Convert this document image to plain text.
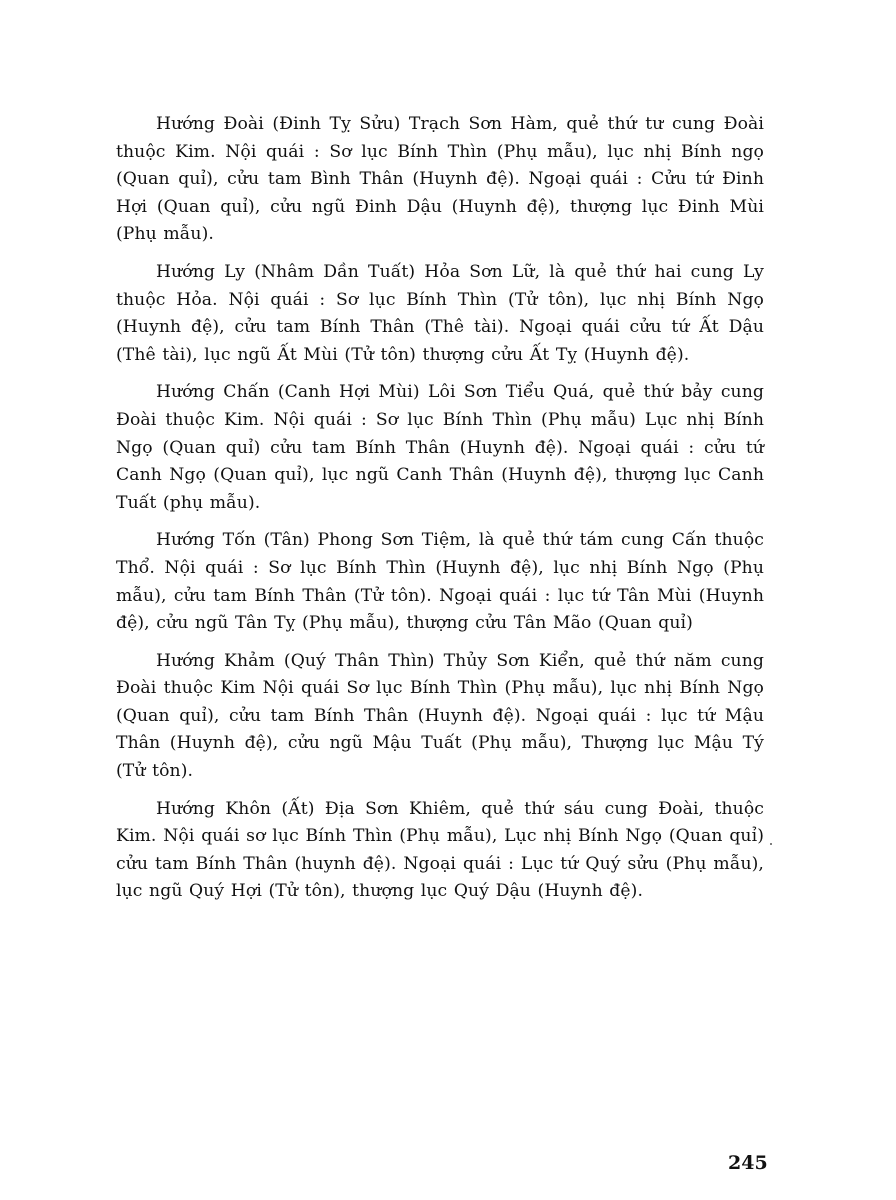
Hướng Đoài (Đinh Tỵ Sửu) Trạch Sơn Hàm, quẻ thứ tư cung Đoài thuộc Kim. Nội quái : Sơ lục Bính Thìn (Phụ mẫu), lục nhị Bính ngọ (Quan quỉ), cửu tam Bình Thân (Huynh đệ). Ngoại quái : Cửu tứ Đinh Hợi (Quan quỉ), cửu ngũ Đinh Dậu (Huynh đệ), thượng lục Đinh Mùi (Phụ mẫu).

Hướng Ly (Nhâm Dần Tuất) Hỏa Sơn Lữ, là quẻ thứ hai cung Ly thuộc Hỏa. Nội quái : Sơ lục Bính Thìn (Tử tôn), lục nhị Bính Ngọ (Huynh đệ), cửu tam Bính Thân (Thê tài). Ngoại quái cửu tứ Ất Dậu (Thê tài), lục ngũ Ất Mùi (Tử tôn) thượng cửu Ất Tỵ (Huynh đệ).

Hướng Chấn (Canh Hợi Mùi) Lôi Sơn Tiểu Quá, quẻ thứ bảy cung Đoài thuộc Kim. Nội quái : Sơ lục Bính Thìn (Phụ mẫu) Lục nhị Bính Ngọ (Quan quỉ) cửu tam Bính Thân (Huynh đệ). Ngoại quái : cửu tứ Canh Ngọ (Quan quỉ), lục ngũ Canh Thân (Huynh đệ), thượng lục Canh Tuất (phụ mẫu).

Hướng Tốn (Tân) Phong Sơn Tiệm, là quẻ thứ tám cung Cấn thuộc Thổ. Nội quái : Sơ lục Bính Thìn (Huynh đệ), lục nhị Bính Ngọ (Phụ mẫu), cửu tam Bính Thân (Tử tôn). Ngoại quái : lục tứ Tân Mùi (Huynh đệ), cửu ngũ Tân Tỵ (Phụ mẫu), thượng cửu Tân Mão (Quan quỉ)

Hướng Khảm (Quý Thân Thìn) Thủy Sơn Kiển, quẻ thứ năm cung Đoài thuộc Kim Nội quái Sơ lục Bính Thìn (Phụ mẫu), lục nhị Bính Ngọ (Quan quỉ), cửu tam Bính Thân (Huynh đệ). Ngoại quái : lục tứ Mậu Thân (Huynh đệ), cửu ngũ Mậu Tuất (Phụ mẫu), Thượng lục Mậu Tý (Tử tôn).

Hướng Khôn (Ất) Địa Sơn Khiêm, quẻ thứ sáu cung Đoài, thuộc Kim. Nội quái sơ lục Bính Thìn (Phụ mẫu), Lục nhị Bính Ngọ (Quan quỉ) cửu tam Bính Thân (huynh đệ). Ngoại quái : Lục tứ Quý sửu (Phụ mẫu), lục ngũ Quý Hợi (Tử tôn), thượng lục Quý Dậu (Huynh đệ).

245
